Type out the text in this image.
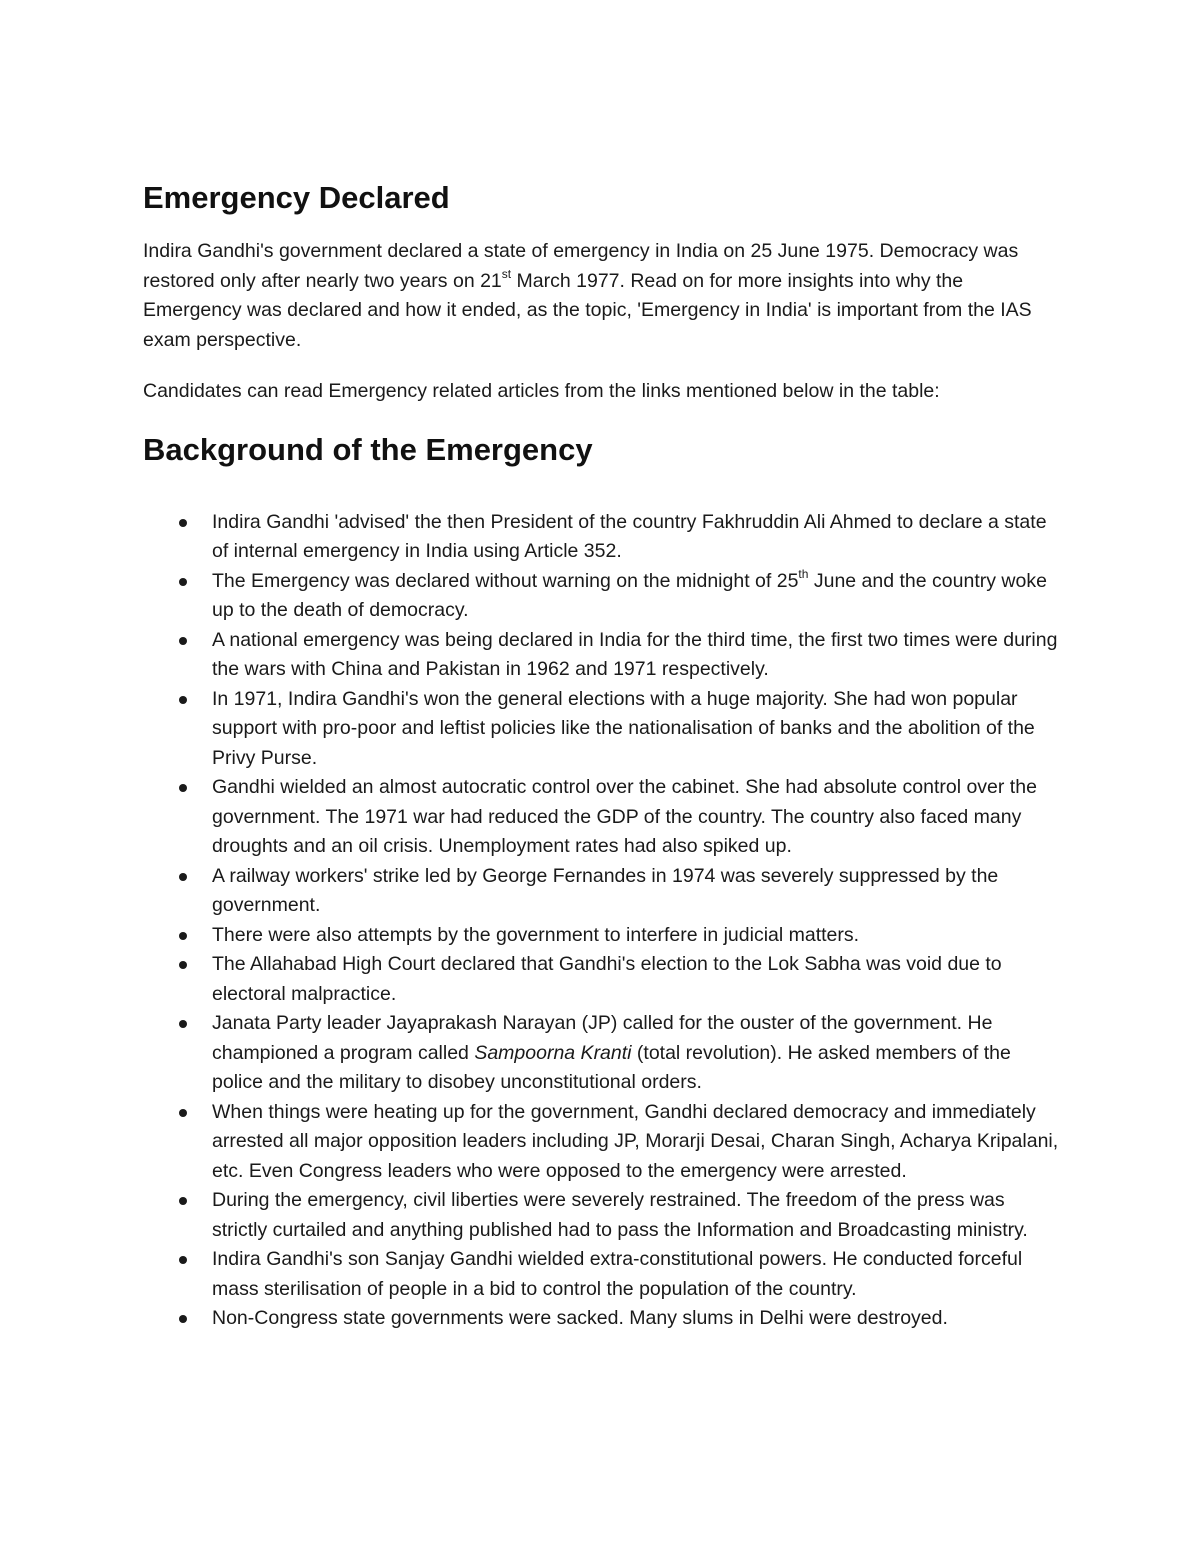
Emergency Declared

Indira Gandhi's government declared a state of emergency in India on 25 June 1975. Democracy was restored only after nearly two years on 21st March 1977. Read on for more insights into why the Emergency was declared and how it ended, as the topic, 'Emergency in India' is important from the IAS exam perspective.

Candidates can read Emergency related articles from the links mentioned below in the table:

Background of the Emergency
Indira Gandhi 'advised' the then President of the country Fakhruddin Ali Ahmed to declare a state of internal emergency in India using Article 352.
The Emergency was declared without warning on the midnight of 25th June and the country woke up to the death of democracy.
A national emergency was being declared in India for the third time, the first two times were during the wars with China and Pakistan in 1962 and 1971 respectively.
In 1971, Indira Gandhi's won the general elections with a huge majority. She had won popular support with pro-poor and leftist policies like the nationalisation of banks and the abolition of the Privy Purse.
Gandhi wielded an almost autocratic control over the cabinet. She had absolute control over the government. The 1971 war had reduced the GDP of the country. The country also faced many droughts and an oil crisis. Unemployment rates had also spiked up.
A railway workers' strike led by George Fernandes in 1974 was severely suppressed by the government.
There were also attempts by the government to interfere in judicial matters.
The Allahabad High Court declared that Gandhi's election to the Lok Sabha was void due to electoral malpractice.
Janata Party leader Jayaprakash Narayan (JP) called for the ouster of the government. He championed a program called Sampoorna Kranti (total revolution). He asked members of the police and the military to disobey unconstitutional orders.
When things were heating up for the government, Gandhi declared democracy and immediately arrested all major opposition leaders including JP, Morarji Desai, Charan Singh, Acharya Kripalani, etc. Even Congress leaders who were opposed to the emergency were arrested.
During the emergency, civil liberties were severely restrained. The freedom of the press was strictly curtailed and anything published had to pass the Information and Broadcasting ministry.
Indira Gandhi's son Sanjay Gandhi wielded extra-constitutional powers. He conducted forceful mass sterilisation of people in a bid to control the population of the country.
Non-Congress state governments were sacked. Many slums in Delhi were destroyed.
